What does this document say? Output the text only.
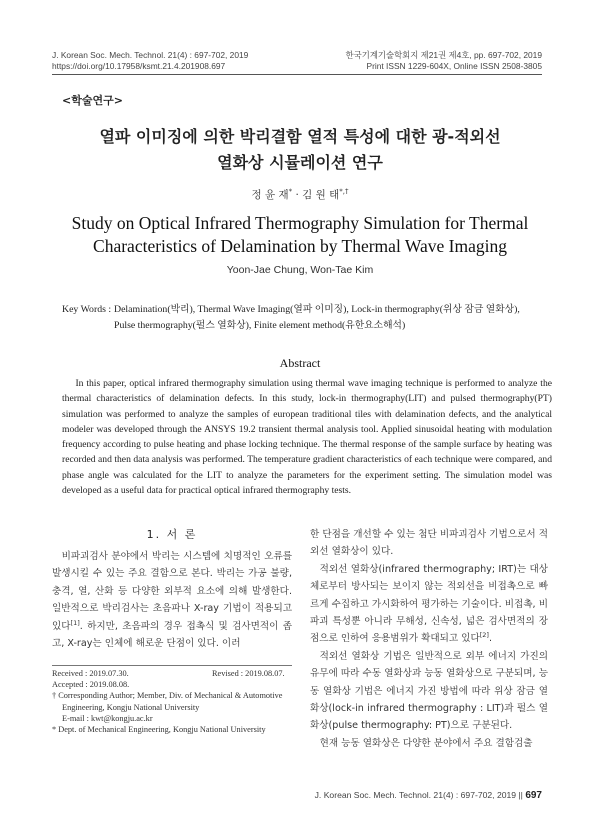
J. Korean Soc. Mech. Technol. 21(4) : 697-702, 2019
https://doi.org/10.17958/ksmt.21.4.201908.697
한국기계기술학회지 제21권 제4호, pp. 697-702, 2019
Print ISSN 1229-604X, Online ISSN 2508-3805
<학술연구>
열파 이미징에 의한 박리결함 열적 특성에 대한 광-적외선
열화상 시뮬레이션 연구
정 윤 재* · 김 원 태*,†
Study on Optical Infrared Thermography Simulation for Thermal
Characteristics of Delamination by Thermal Wave Imaging
Yoon-Jae Chung, Won-Tae Kim
Key Words : Delamination(박리), Thermal Wave Imaging(열파 이미징), Lock-in thermography(위상 잠금 열화상),
Pulse thermography(펄스 열화상), Finite element method(유한요소해석)
Abstract
In this paper, optical infrared thermography simulation using thermal wave imaging technique is performed to analyze the thermal characteristics of delamination defects. In this study, lock-in thermography(LIT) and pulsed thermography(PT) simulation was performed to analyze the samples of european traditional tiles with delamination defects, and the analytical modeler was developed through the ANSYS 19.2 transient thermal analysis tool. Applied sinusoidal heating with modulation frequency according to pulse heating and phase locking technique. The thermal response of the sample surface by heating was recorded and then data analysis was performed. The temperature gradient characteristics of each technique were compared, and phase angle was calculated for the LIT to analyze the parameters for the experiment setting. The simulation model was developed as a useful data for practical optical infrared thermography tests.
1. 서 론
비파괴검사 분야에서 박리는 시스템에 치명적인 오류를 발생시킬 수 있는 주요 결함으로 본다. 박리는 가공 불량, 충격, 열, 산화 등 다양한 외부적 요소에 의해 발생한다. 일반적으로 박리검사는 초음파나 X-ray 기법이 적용되고 있다[1]. 하지만, 초음파의 경우 접촉식 및 검사면적이 좁고, X-ray는 인체에 해로운 단점이 있다. 이러
Received : 2019.07.30.	Revised : 2019.08.07.
Accepted : 2019.08.08.
† Corresponding Author; Member, Div. of Mechanical & Automotive Engineering, Kongju National University
E-mail : kwt@kongju.ac.kr
* Dept. of Mechanical Engineering, Kongju National University
한 단점을 개선할 수 있는 첨단 비파괴검사 기법으로서 적외선 열화상이 있다.
적외선 열화상(infrared thermography; IRT)는 대상체로부터 방사되는 보이지 않는 적외선을 비접촉으로 빠르게 수집하고 가시화하여 평가하는 기술이다. 비접촉, 비파괴 특성뿐 아니라 무해성, 신속성, 넓은 검사면적의 장점으로 인하여 응용범위가 확대되고 있다[2].
적외선 열화상 기법은 일반적으로 외부 에너지 가진의 유무에 따라 수동 열화상과 능동 열화상으로 구분되며, 능동 열화상 기법은 에너지 가진 방법에 따라 위상 잠금 열화상(lock-in infrared thermography : LIT)과 펄스 열화상(pulse thermography: PT)으로 구분된다.
현재 능동 열화상은 다양한 분야에서 주요 결함검출
J. Korean Soc. Mech. Technol. 21(4) : 697-702, 2019 || 697
